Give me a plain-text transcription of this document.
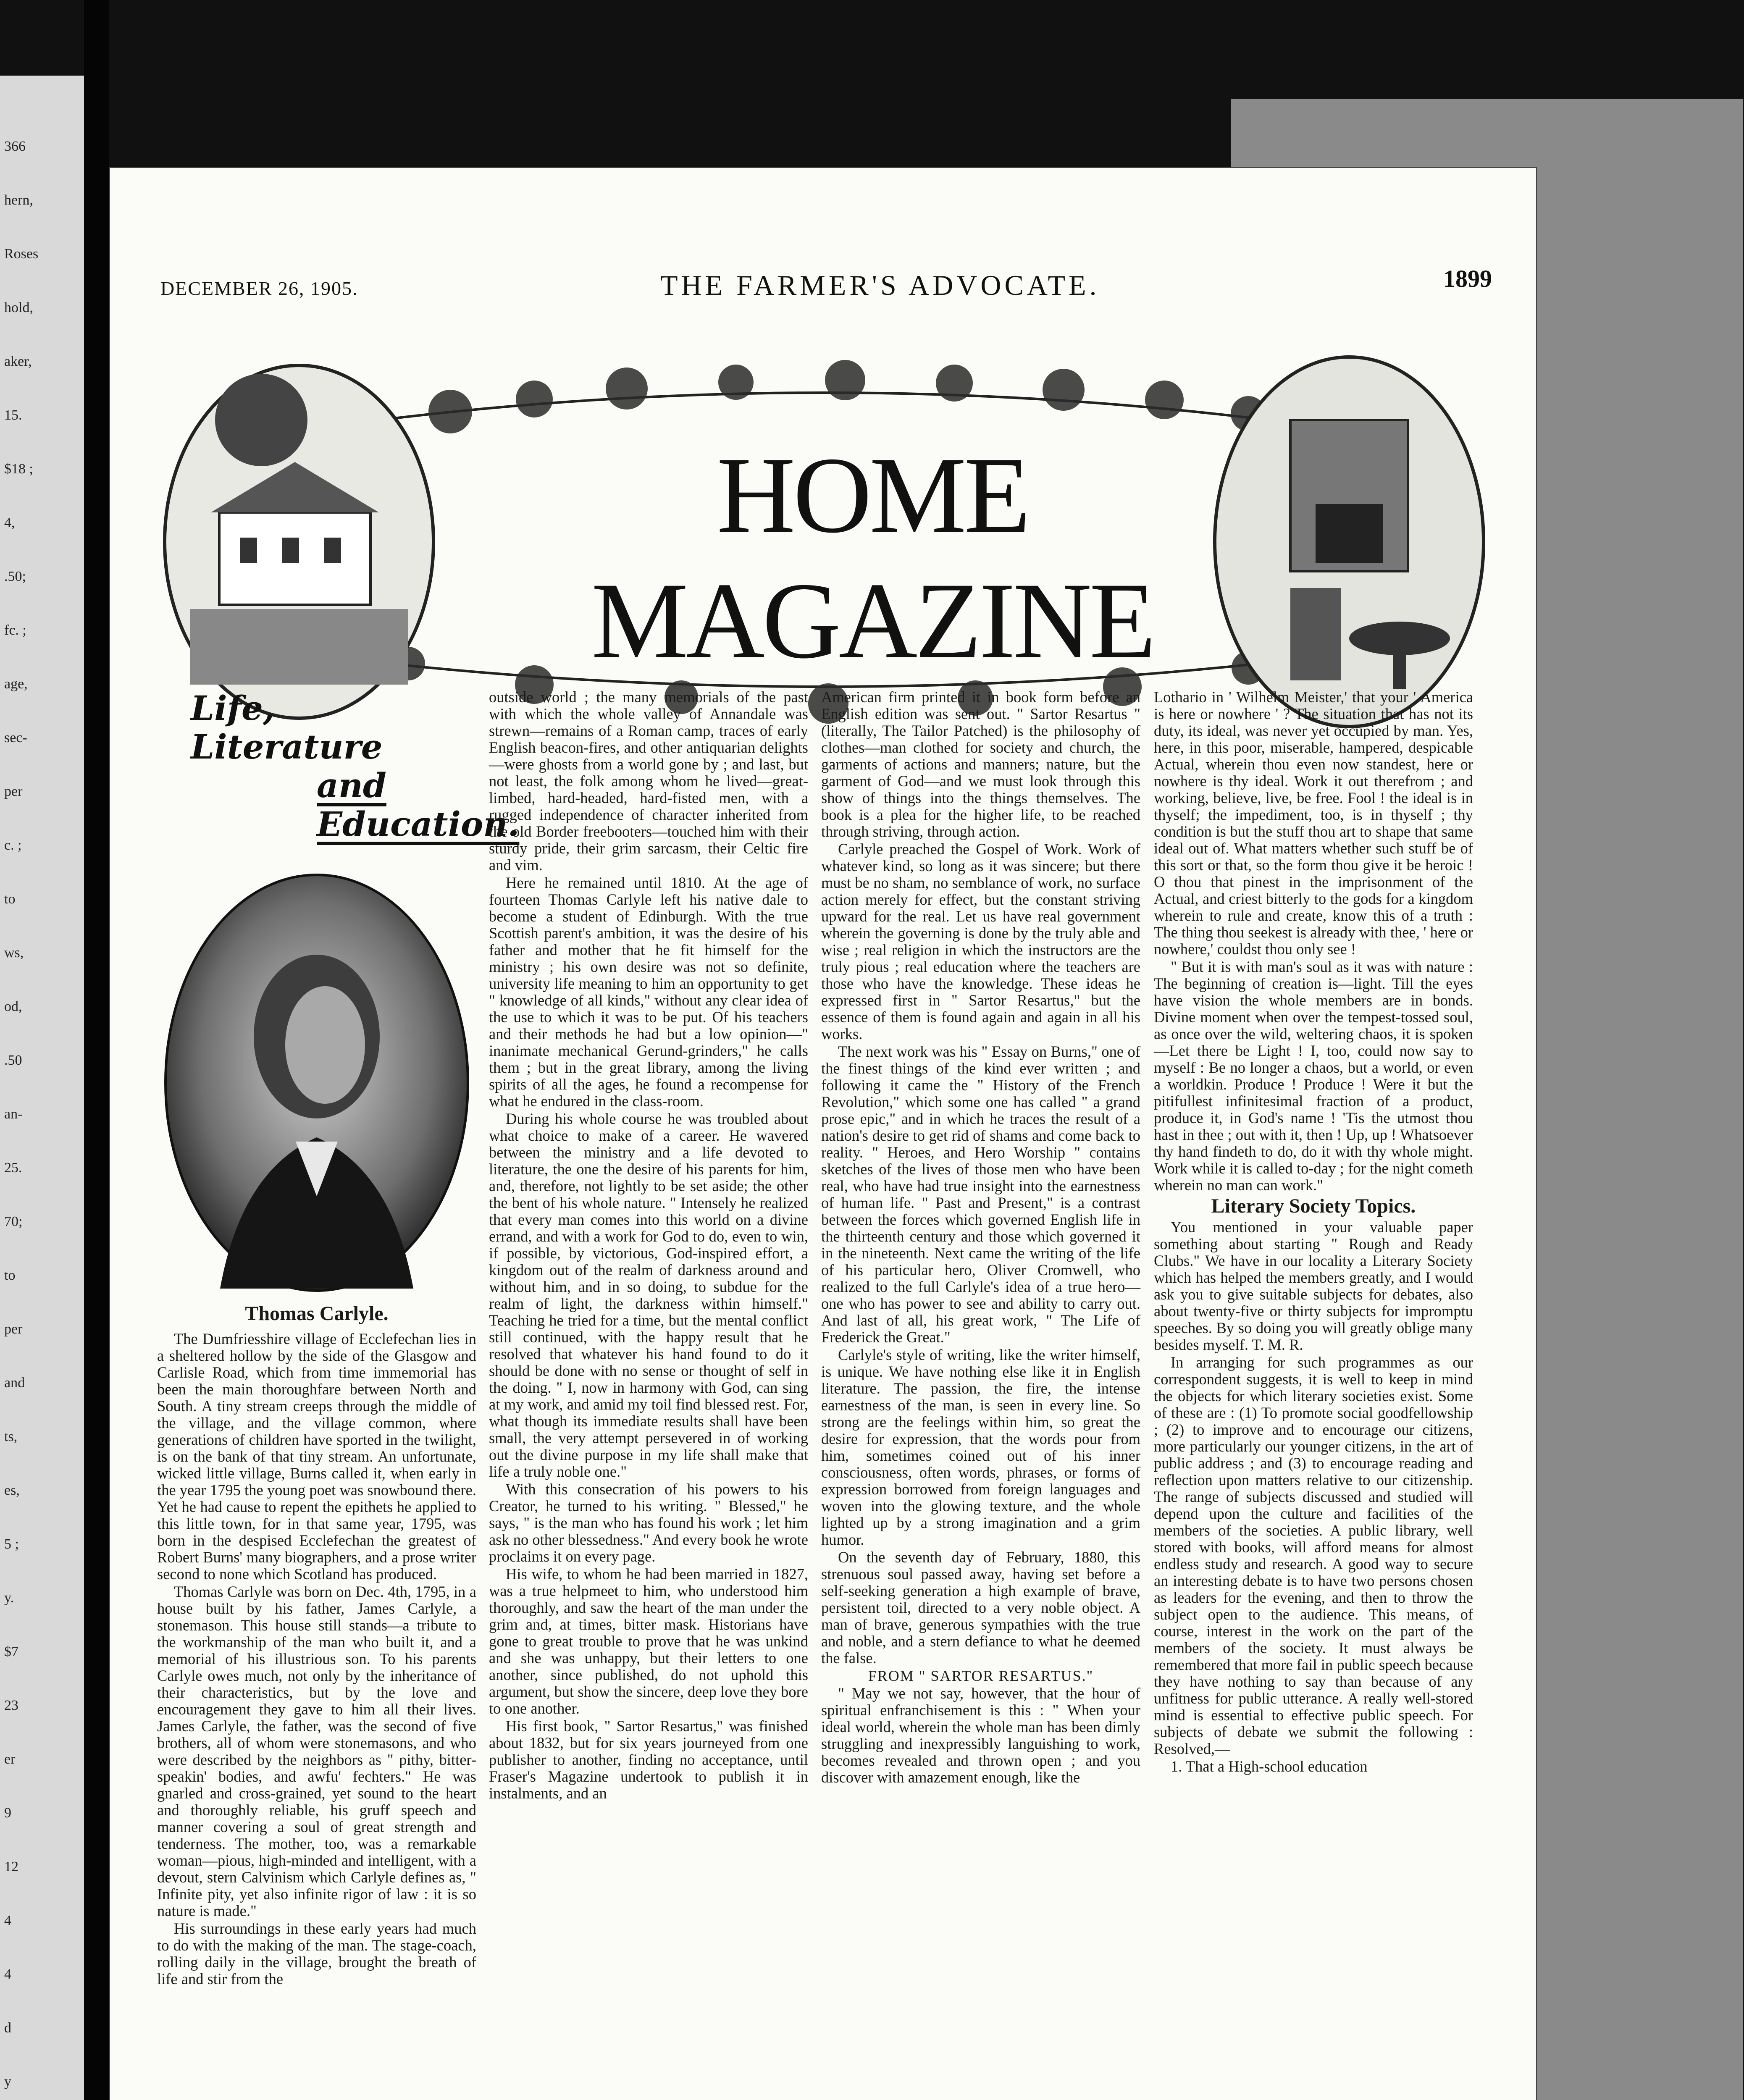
366
hern,
Roses
hold,
aker,
15.
$18 ;
4,
.50;
fc. ;
age,
sec-
per
c. ;
to
ws,
od,
.50
an-
25.
70;
to
per
and
ts,
es,
5 ;
y.
$7
23
er
9
12
4
4
d
y
DECEMBER 26, 1905.	THE FARMER'S ADVOCATE.	1899
HOME MAGAZINE
Life, Literature
and Education.
Thomas Carlyle.

The Dumfriesshire village of Ecclefechan lies in a sheltered hollow by the side of the Glasgow and Carlisle Road, which from time immemorial has been the main thoroughfare between North and South. A tiny stream creeps through the middle of the village, and the village common, where generations of children have sported in the twilight, is on the bank of that tiny stream. An unfortunate, wicked little village, Burns called it, when early in the year 1795 the young poet was snowbound there. Yet he had cause to repent the epithets he applied to this little town, for in that same year, 1795, was born in the despised Ecclefechan the greatest of Robert Burns' many biographers, and a prose writer second to none which Scotland has produced.

Thomas Carlyle was born on Dec. 4th, 1795, in a house built by his father, James Carlyle, a stonemason. This house still stands—a tribute to the workmanship of the man who built it, and a memorial of his illustrious son. To his parents Carlyle owes much, not only by the inheritance of their characteristics, but by the love and encouragement they gave to him all their lives. James Carlyle, the father, was the second of five brothers, all of whom were stonemasons, and who were described by the neighbors as " pithy, bitter-speakin' bodies, and awfu' fechters." He was gnarled and cross-grained, yet sound to the heart and thoroughly reliable, his gruff speech and manner covering a soul of great strength and tenderness. The mother, too, was a remarkable woman—pious, high-minded and intelligent, with a devout, stern Calvinism which Carlyle defines as, " Infinite pity, yet also infinite rigor of law : it is so nature is made."

His surroundings in these early years had much to do with the making of the man. The stage-coach, rolling daily in the village, brought the breath of life and stir from the

outside world ; the many memorials of the past with which the whole valley of Annandale was strewn—remains of a Roman camp, traces of early English beacon-fires, and other antiquarian delights—were ghosts from a world gone by ; and last, but not least, the folk among whom he lived—great-limbed, hard-headed, hard-fisted men, with a rugged independence of character inherited from the old Border freebooters—touched him with their sturdy pride, their grim sarcasm, their Celtic fire and vim.

Here he remained until 1810. At the age of fourteen Thomas Carlyle left his native dale to become a student of Edinburgh. With the true Scottish parent's ambition, it was the desire of his father and mother that he fit himself for the ministry ; his own desire was not so definite, university life meaning to him an opportunity to get " knowledge of all kinds," without any clear idea of the use to which it was to be put. Of his teachers and their methods he had but a low opinion—" inanimate mechanical Gerund-grinders," he calls them ; but in the great library, among the living spirits of all the ages, he found a recompense for what he endured in the class-room.

During his whole course he was troubled about what choice to make of a career. He wavered between the ministry and a life devoted to literature, the one the desire of his parents for him, and, therefore, not lightly to be set aside; the other the bent of his whole nature. " Intensely he realized that every man comes into this world on a divine errand, and with a work for God to do, even to win, if possible, by victorious, God-inspired effort, a kingdom out of the realm of darkness around and without him, and in so doing, to subdue for the realm of light, the darkness within himself." Teaching he tried for a time, but the mental conflict still continued, with the happy result that he resolved that whatever his hand found to do it should be done with no sense or thought of self in the doing. " I, now in harmony with God, can sing at my work, and amid my toil find blessed rest. For, what though its immediate results shall have been small, the very attempt persevered in of working out the divine purpose in my life shall make that life a truly noble one."

With this consecration of his powers to his Creator, he turned to his writing. " Blessed," he says, " is the man who has found his work ; let him ask no other blessedness." And every book he wrote proclaims it on every page.

His wife, to whom he had been married in 1827, was a true helpmeet to him, who understood him thoroughly, and saw the heart of the man under the grim and, at times, bitter mask. Historians have gone to great trouble to prove that he was unkind and she was unhappy, but their letters to one another, since published, do not uphold this argument, but show the sincere, deep love they bore to one another.

His first book, " Sartor Resartus," was finished about 1832, but for six years journeyed from one publisher to another, finding no acceptance, until Fraser's Magazine undertook to publish it in instalments, and an

American firm printed it in book form before an English edition was sent out. " Sartor Resartus " (literally, The Tailor Patched) is the philosophy of clothes—man clothed for society and church, the garments of actions and manners; nature, but the garment of God—and we must look through this show of things into the things themselves. The book is a plea for the higher life, to be reached through striving, through action.

Carlyle preached the Gospel of Work. Work of whatever kind, so long as it was sincere; but there must be no sham, no semblance of work, no surface action merely for effect, but the constant striving upward for the real. Let us have real government wherein the governing is done by the truly able and wise ; real religion in which the instructors are the truly pious ; real education where the teachers are those who have the knowledge. These ideas he expressed first in " Sartor Resartus," but the essence of them is found again and again in all his works.

The next work was his " Essay on Burns," one of the finest things of the kind ever written ; and following it came the " History of the French Revolution," which some one has called " a grand prose epic," and in which he traces the result of a nation's desire to get rid of shams and come back to reality. " Heroes, and Hero Worship " contains sketches of the lives of those men who have been real, who have had true insight into the earnestness of human life. " Past and Present," is a contrast between the forces which governed English life in the thirteenth century and those which governed it in the nineteenth. Next came the writing of the life of his particular hero, Oliver Cromwell, who realized to the full Carlyle's idea of a true hero—one who has power to see and ability to carry out. And last of all, his great work, " The Life of Frederick the Great."

Carlyle's style of writing, like the writer himself, is unique. We have nothing else like it in English literature. The passion, the fire, the intense earnestness of the man, is seen in every line. So strong are the feelings within him, so great the desire for expression, that the words pour from him, sometimes coined out of his inner consciousness, often words, phrases, or forms of expression borrowed from foreign languages and woven into the glowing texture, and the whole lighted up by a strong imagination and a grim humor.

On the seventh day of February, 1880, this strenuous soul passed away, having set before a self-seeking generation a high example of brave, persistent toil, directed to a very noble object. A man of brave, generous sympathies with the true and noble, and a stern defiance to what he deemed the false.

FROM " SARTOR RESARTUS."

" May we not say, however, that the hour of spiritual enfranchisement is this : " When your ideal world, wherein the whole man has been dimly struggling and inexpressibly languishing to work, becomes revealed and thrown open ; and you discover with amazement enough, like the

Lothario in ' Wilhelm Meister,' that your ' America is here or nowhere ' ? The situation that has not its duty, its ideal, was never yet occupied by man. Yes, here, in this poor, miserable, hampered, despicable Actual, wherein thou even now standest, here or nowhere is thy ideal. Work it out therefrom ; and working, believe, live, be free. Fool ! the ideal is in thyself; the impediment, too, is in thyself ; thy condition is but the stuff thou art to shape that same ideal out of. What matters whether such stuff be of this sort or that, so the form thou give it be heroic ! O thou that pinest in the imprisonment of the Actual, and criest bitterly to the gods for a kingdom wherein to rule and create, know this of a truth : The thing thou seekest is already with thee, ' here or nowhere,' couldst thou only see !

" But it is with man's soul as it was with nature : The beginning of creation is—light. Till the eyes have vision the whole members are in bonds. Divine moment when over the tempest-tossed soul, as once over the wild, weltering chaos, it is spoken—Let there be Light ! I, too, could now say to myself : Be no longer a chaos, but a world, or even a worldkin. Produce ! Produce ! Were it but the pitifullest infinitesimal fraction of a product, produce it, in God's name ! 'Tis the utmost thou hast in thee ; out with it, then ! Up, up ! Whatsoever thy hand findeth to do, do it with thy whole might. Work while it is called to-day ; for the night cometh wherein no man can work."

Literary Society Topics.

You mentioned in your valuable paper something about starting " Rough and Ready Clubs." We have in our locality a Literary Society which has helped the members greatly, and I would ask you to give suitable subjects for debates, also about twenty-five or thirty subjects for impromptu speeches. By so doing you will greatly oblige many besides myself. T. M. R.

In arranging for such programmes as our correspondent suggests, it is well to keep in mind the objects for which literary societies exist. Some of these are : (1) To promote social goodfellowship ; (2) to improve and to encourage our citizens, more particularly our younger citizens, in the art of public address ; and (3) to encourage reading and reflection upon matters relative to our citizenship. The range of subjects discussed and studied will depend upon the culture and facilities of the members of the societies. A public library, well stored with books, will afford means for almost endless study and research. A good way to secure an interesting debate is to have two persons chosen as leaders for the evening, and then to throw the subject open to the audience. This means, of course, interest in the work on the part of the members of the society. It must always be remembered that more fail in public speech because they have nothing to say than because of any unfitness for public utterance. A really well-stored mind is essential to effective public speech. For subjects of debate we submit the following : Resolved,—

1. That a High-school education
